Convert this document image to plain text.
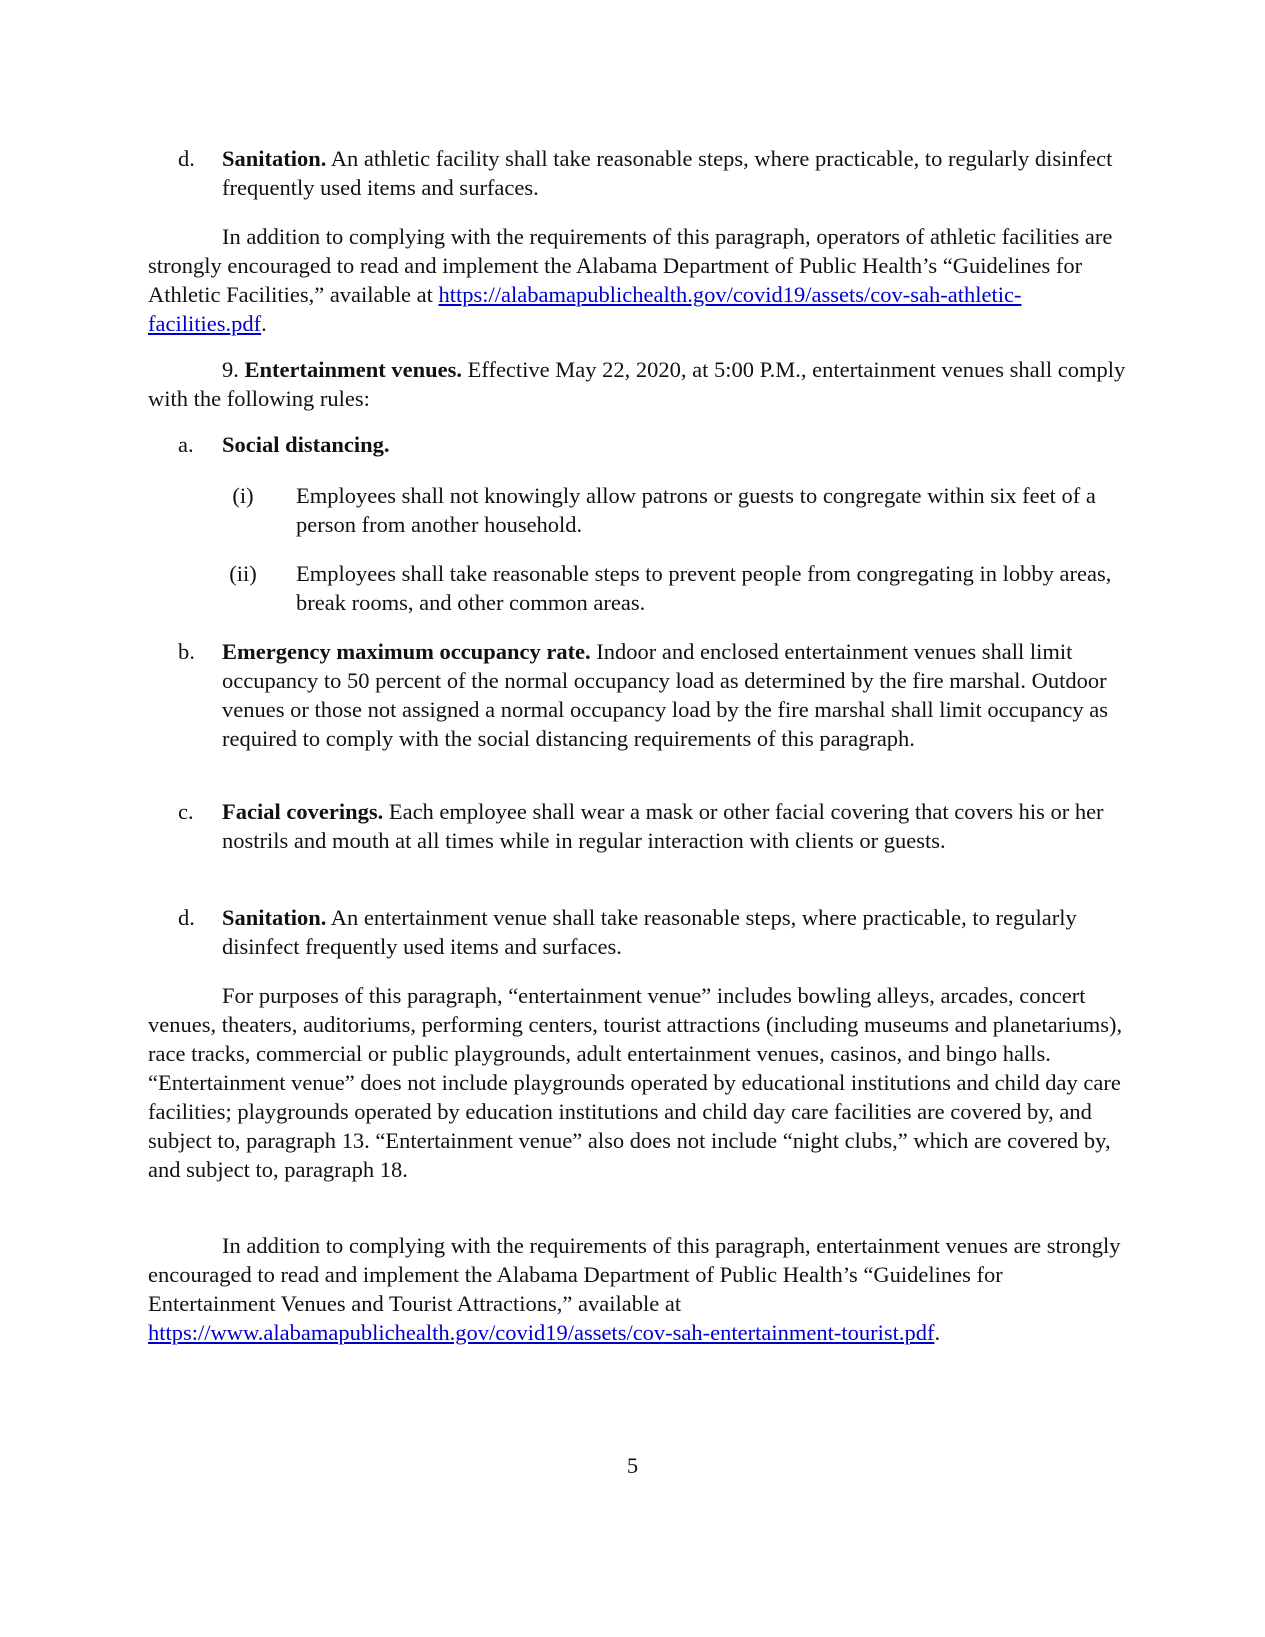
d. Sanitation. An athletic facility shall take reasonable steps, where practicable, to regularly disinfect frequently used items and surfaces.

In addition to complying with the requirements of this paragraph, operators of athletic facilities are strongly encouraged to read and implement the Alabama Department of Public Health’s “Guidelines for Athletic Facilities,” available at https://alabamapublichealth.gov/covid19/assets/cov-sah-athletic-facilities.pdf.

9. Entertainment venues. Effective May 22, 2020, at 5:00 P.M., entertainment venues shall comply with the following rules:

a. Social distancing.
(i)	Employees shall not knowingly allow patrons or guests to congregate within six feet of a person from another household.
(ii) Employees shall take reasonable steps to prevent people from congregating in lobby areas, break rooms, and other common areas.
b. Emergency maximum occupancy rate. Indoor and enclosed entertainment venues shall limit occupancy to 50 percent of the normal occupancy load as determined by the fire marshal. Outdoor venues or those not assigned a normal occupancy load by the fire marshal shall limit occupancy as required to comply with the social distancing requirements of this paragraph.
c. Facial coverings. Each employee shall wear a mask or other facial covering that covers his or her nostrils and mouth at all times while in regular interaction with clients or guests.
d. Sanitation. An entertainment venue shall take reasonable steps, where practicable, to regularly disinfect frequently used items and surfaces.

For purposes of this paragraph, “entertainment venue” includes bowling alleys, arcades, concert venues, theaters, auditoriums, performing centers, tourist attractions (including museums and planetariums), race tracks, commercial or public playgrounds, adult entertainment venues, casinos, and bingo halls. “Entertainment venue” does not include playgrounds operated by educational institutions and child day care facilities; playgrounds operated by education institutions and child day care facilities are covered by, and subject to, paragraph 13. “Entertainment venue” also does not include “night clubs,” which are covered by, and subject to, paragraph 18.

In addition to complying with the requirements of this paragraph, entertainment venues are strongly encouraged to read and implement the Alabama Department of Public Health’s “Guidelines for Entertainment Venues and Tourist Attractions,” available at https://www.alabamapublichealth.gov/covid19/assets/cov-sah-entertainment-tourist.pdf.

5
